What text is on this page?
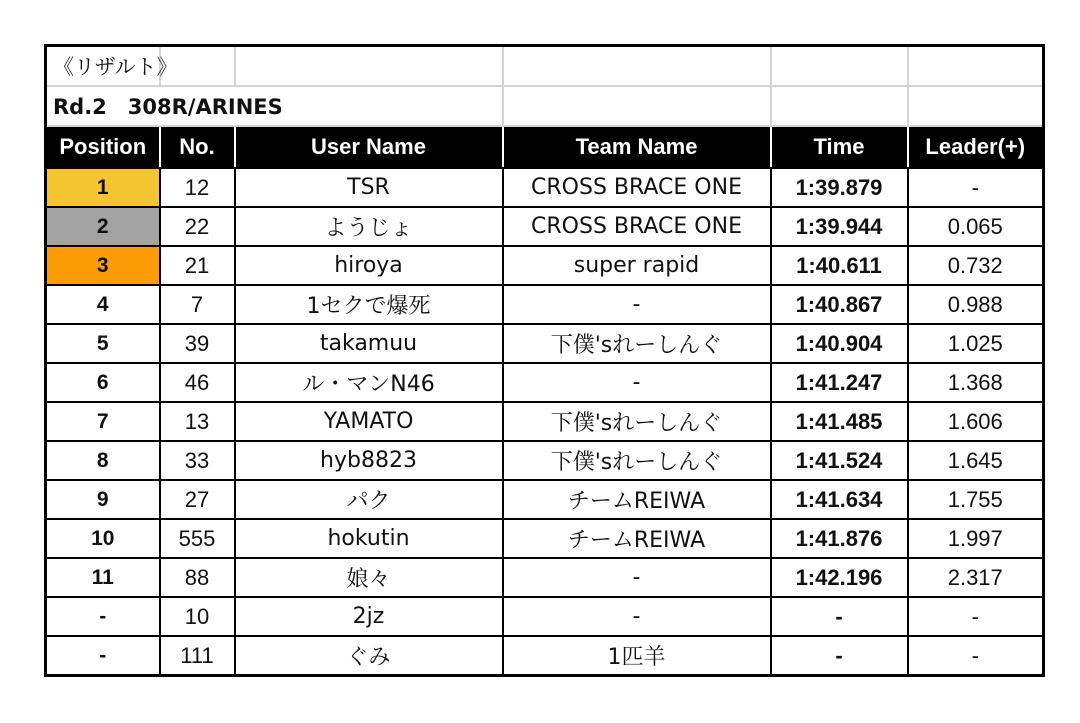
《リザルト》					
Rd.2　308R/ARINES					
Position	No.	User Name	Team Name	Time	Leader(+)
1	12	TSR	CROSS BRACE ONE	1:39.879	-
2	22	ようじょ	CROSS BRACE ONE	1:39.944	0.065
3	21	hiroya	super rapid	1:40.611	0.732
4	7	1セクで爆死	-	1:40.867	0.988
5	39	takamuu	下僕'sれーしんぐ	1:40.904	1.025
6	46	ル・マンN46	-	1:41.247	1.368
7	13	YAMATO	下僕'sれーしんぐ	1:41.485	1.606
8	33	hyb8823	下僕'sれーしんぐ	1:41.524	1.645
9	27	パク	チームREIWA	1:41.634	1.755
10	555	hokutin	チームREIWA	1:41.876	1.997
11	88	娘々	-	1:42.196	2.317
-	10	2jz	-	-	-
-	111	ぐみ	1匹羊	-	-
